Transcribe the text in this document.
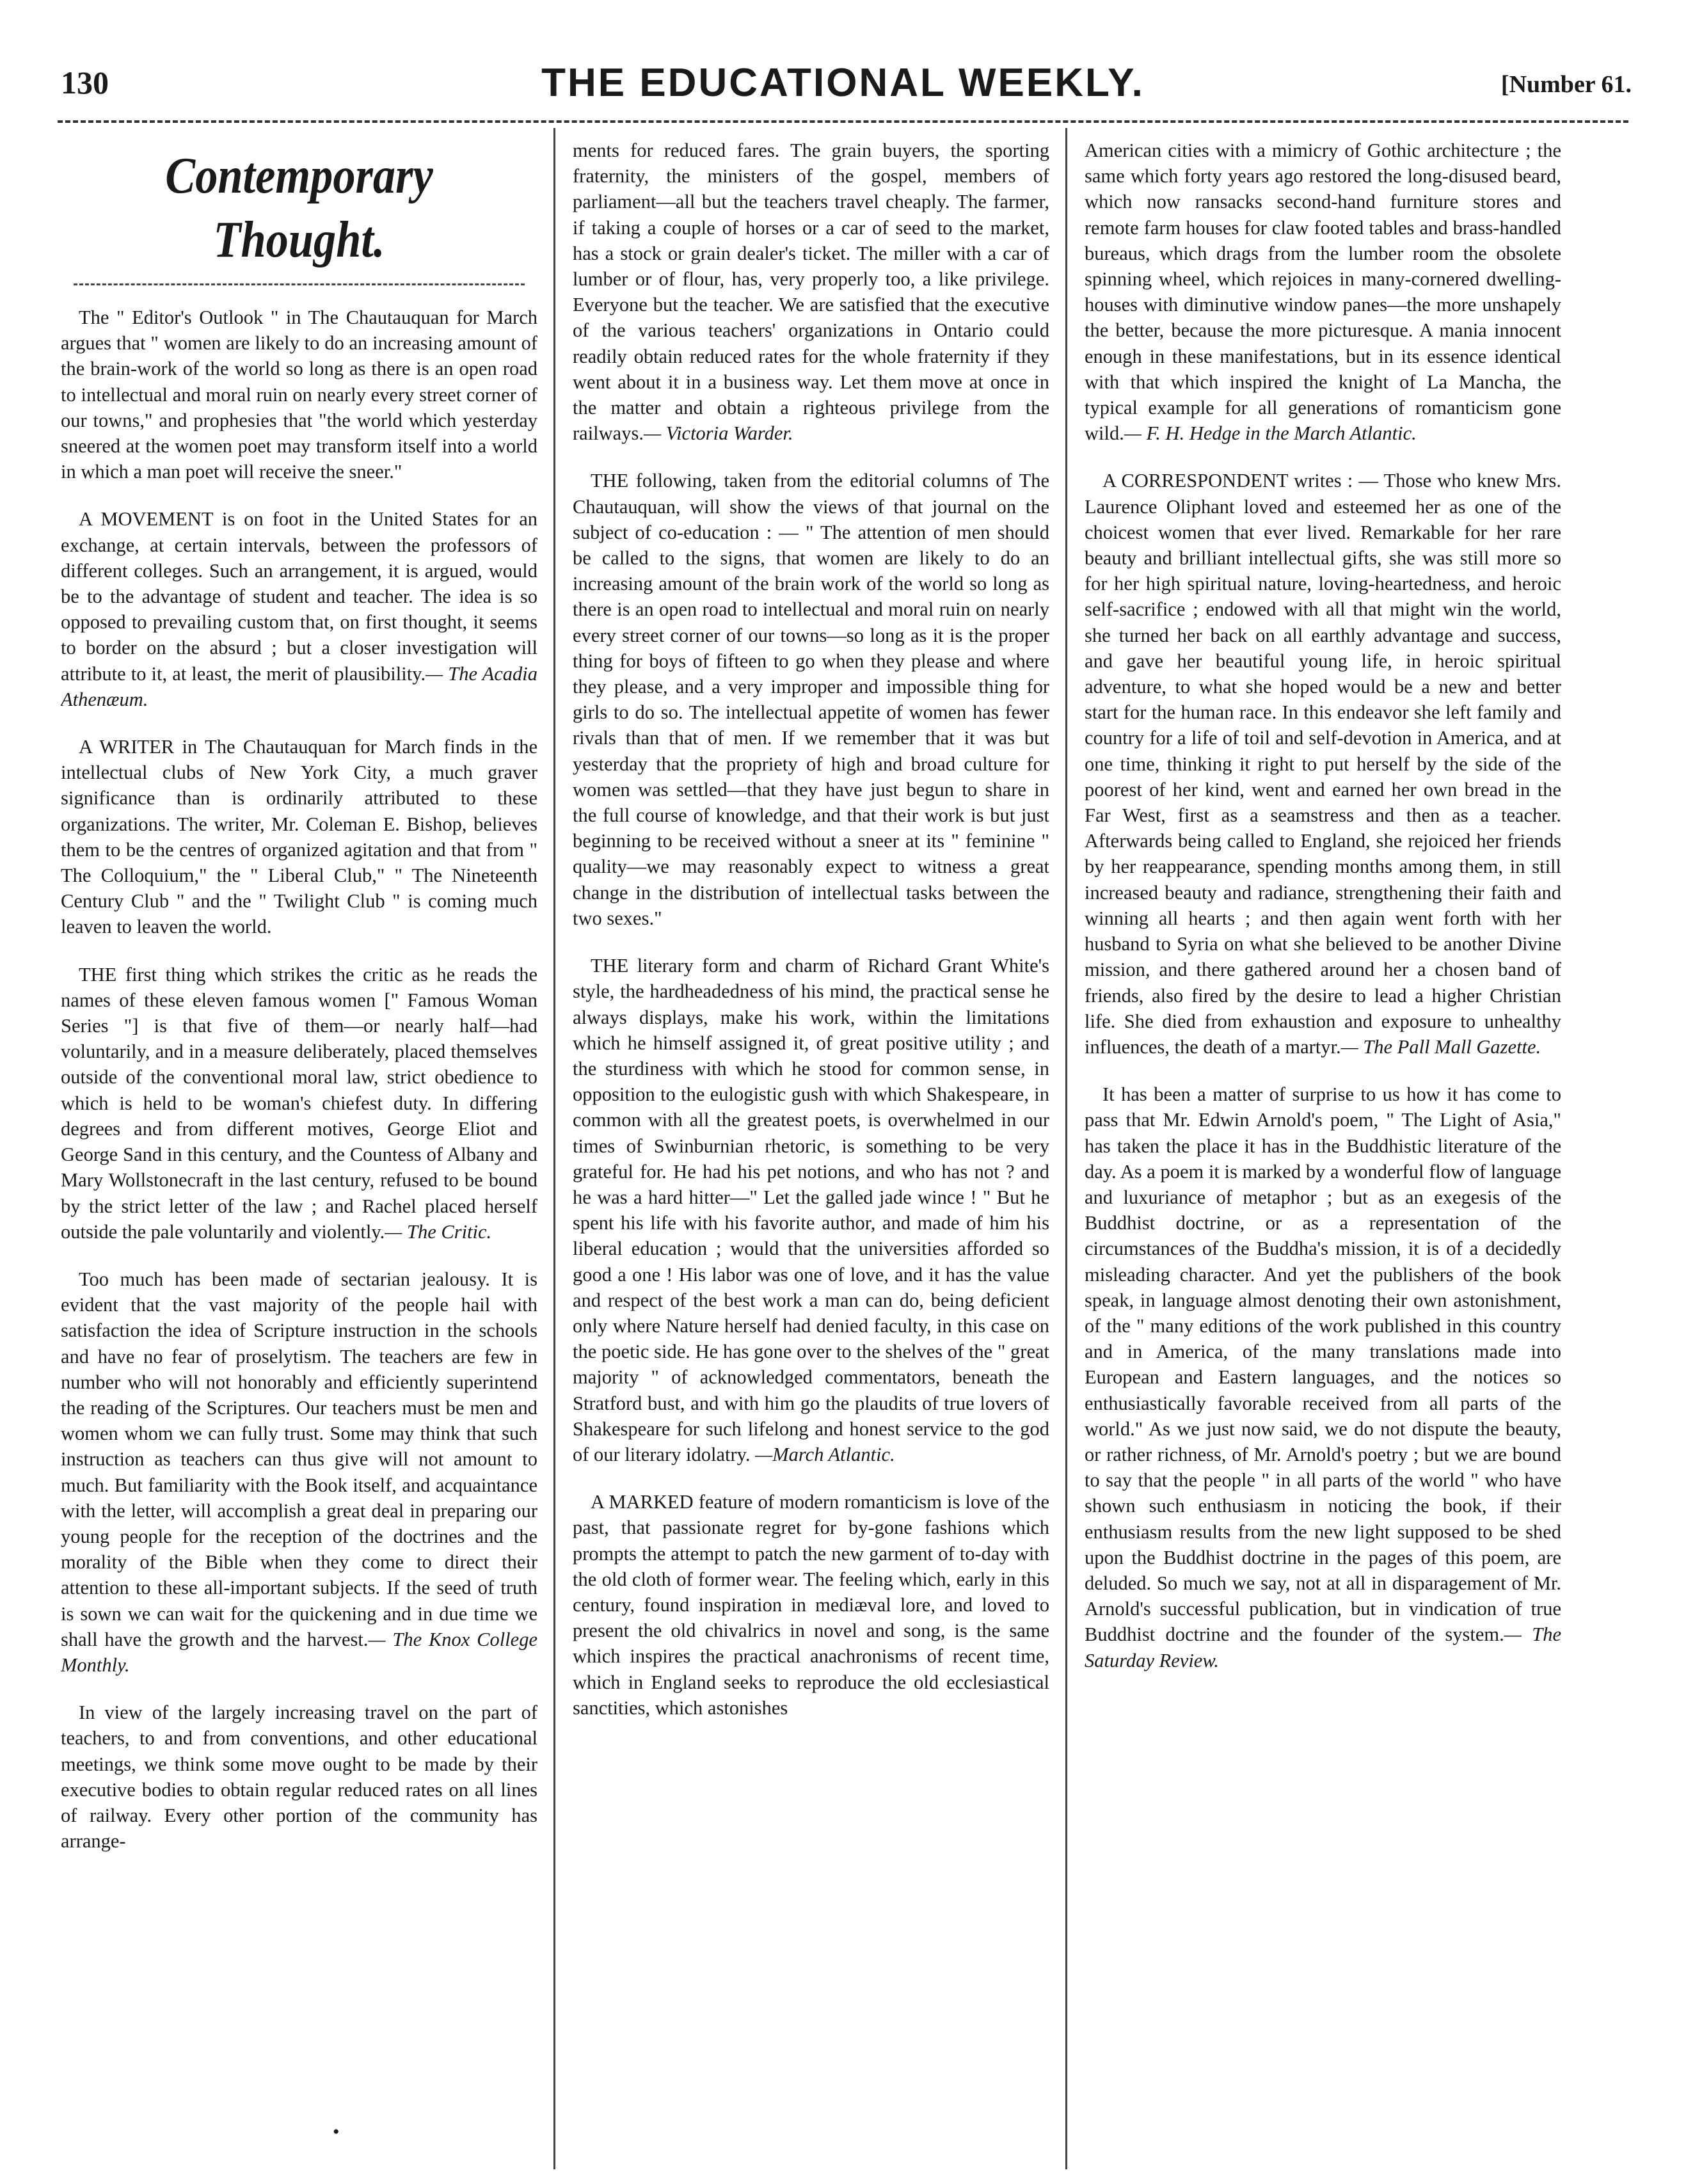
130	THE EDUCATIONAL WEEKLY.	[Number 61.
Contemporary Thought.

The " Editor's Outlook " in The Chautauquan for March argues that " women are likely to do an increasing amount of the brain-work of the world so long as there is an open road to intellectual and moral ruin on nearly every street corner of our towns," and prophesies that "the world which yesterday sneered at the women poet may transform itself into a world in which a man poet will receive the sneer."

A MOVEMENT is on foot in the United States for an exchange, at certain intervals, between the professors of different colleges. Such an arrangement, it is argued, would be to the advantage of student and teacher. The idea is so opposed to prevailing custom that, on first thought, it seems to border on the absurd ; but a closer investigation will attribute to it, at least, the merit of plausibility.— The Acadia Athenæum.

A WRITER in The Chautauquan for March finds in the intellectual clubs of New York City, a much graver significance than is ordinarily attributed to these organizations. The writer, Mr. Coleman E. Bishop, believes them to be the centres of organized agitation and that from " The Colloquium," the " Liberal Club," " The Nineteenth Century Club " and the " Twilight Club " is coming much leaven to leaven the world.

THE first thing which strikes the critic as he reads the names of these eleven famous women [" Famous Woman Series "] is that five of them—or nearly half—had voluntarily, and in a measure deliberately, placed themselves outside of the conventional moral law, strict obedience to which is held to be woman's chiefest duty. In differing degrees and from different motives, George Eliot and George Sand in this century, and the Countess of Albany and Mary Wollstonecraft in the last century, refused to be bound by the strict letter of the law ; and Rachel placed herself outside the pale voluntarily and violently.— The Critic.

Too much has been made of sectarian jealousy. It is evident that the vast majority of the people hail with satisfaction the idea of Scripture instruction in the schools and have no fear of proselytism. The teachers are few in number who will not honorably and efficiently superintend the reading of the Scriptures. Our teachers must be men and women whom we can fully trust. Some may think that such instruction as teachers can thus give will not amount to much. But familiarity with the Book itself, and acquaintance with the letter, will accomplish a great deal in preparing our young people for the reception of the doctrines and the morality of the Bible when they come to direct their attention to these all-important subjects. If the seed of truth is sown we can wait for the quickening and in due time we shall have the growth and the harvest.— The Knox College Monthly.

In view of the largely increasing travel on the part of teachers, to and from conventions, and other educational meetings, we think some move ought to be made by their executive bodies to obtain regular reduced rates on all lines of railway. Every other portion of the community has arrange-

ments for reduced fares. The grain buyers, the sporting fraternity, the ministers of the gospel, members of parliament—all but the teachers travel cheaply. The farmer, if taking a couple of horses or a car of seed to the market, has a stock or grain dealer's ticket. The miller with a car of lumber or of flour, has, very properly too, a like privilege. Everyone but the teacher. We are satisfied that the executive of the various teachers' organizations in Ontario could readily obtain reduced rates for the whole fraternity if they went about it in a business way. Let them move at once in the matter and obtain a righteous privilege from the railways.— Victoria Warder.

THE following, taken from the editorial columns of The Chautauquan, will show the views of that journal on the subject of co-education : — " The attention of men should be called to the signs, that women are likely to do an increasing amount of the brain work of the world so long as there is an open road to intellectual and moral ruin on nearly every street corner of our towns—so long as it is the proper thing for boys of fifteen to go when they please and where they please, and a very improper and impossible thing for girls to do so. The intellectual appetite of women has fewer rivals than that of men. If we remember that it was but yesterday that the propriety of high and broad culture for women was settled—that they have just begun to share in the full course of knowledge, and that their work is but just beginning to be received without a sneer at its " feminine " quality—we may reasonably expect to witness a great change in the distribution of intellectual tasks between the two sexes."

THE literary form and charm of Richard Grant White's style, the hardheadedness of his mind, the practical sense he always displays, make his work, within the limitations which he himself assigned it, of great positive utility ; and the sturdiness with which he stood for common sense, in opposition to the eulogistic gush with which Shakespeare, in common with all the greatest poets, is overwhelmed in our times of Swinburnian rhetoric, is something to be very grateful for. He had his pet notions, and who has not ? and he was a hard hitter—" Let the galled jade wince ! " But he spent his life with his favorite author, and made of him his liberal education ; would that the universities afforded so good a one ! His labor was one of love, and it has the value and respect of the best work a man can do, being deficient only where Nature herself had denied faculty, in this case on the poetic side. He has gone over to the shelves of the " great majority " of acknowledged commentators, beneath the Stratford bust, and with him go the plaudits of true lovers of Shakespeare for such lifelong and honest service to the god of our literary idolatry. —March Atlantic.

A MARKED feature of modern romanticism is love of the past, that passionate regret for by-gone fashions which prompts the attempt to patch the new garment of to-day with the old cloth of former wear. The feeling which, early in this century, found inspiration in mediæval lore, and loved to present the old chivalrics in novel and song, is the same which inspires the practical anachronisms of recent time, which in England seeks to reproduce the old ecclesiastical sanctities, which astonishes

American cities with a mimicry of Gothic architecture ; the same which forty years ago restored the long-disused beard, which now ransacks second-hand furniture stores and remote farm houses for claw footed tables and brass-handled bureaus, which drags from the lumber room the obsolete spinning wheel, which rejoices in many-cornered dwelling-houses with diminutive window panes—the more unshapely the better, because the more picturesque. A mania innocent enough in these manifestations, but in its essence identical with that which inspired the knight of La Mancha, the typical example for all generations of romanticism gone wild.— F. H. Hedge in the March Atlantic.

A CORRESPONDENT writes : — Those who knew Mrs. Laurence Oliphant loved and esteemed her as one of the choicest women that ever lived. Remarkable for her rare beauty and brilliant intellectual gifts, she was still more so for her high spiritual nature, loving-heartedness, and heroic self-sacrifice ; endowed with all that might win the world, she turned her back on all earthly advantage and success, and gave her beautiful young life, in heroic spiritual adventure, to what she hoped would be a new and better start for the human race. In this endeavor she left family and country for a life of toil and self-devotion in America, and at one time, thinking it right to put herself by the side of the poorest of her kind, went and earned her own bread in the Far West, first as a seamstress and then as a teacher. Afterwards being called to England, she rejoiced her friends by her reappearance, spending months among them, in still increased beauty and radiance, strengthening their faith and winning all hearts ; and then again went forth with her husband to Syria on what she believed to be another Divine mission, and there gathered around her a chosen band of friends, also fired by the desire to lead a higher Christian life. She died from exhaustion and exposure to unhealthy influences, the death of a martyr.— The Pall Mall Gazette.

It has been a matter of surprise to us how it has come to pass that Mr. Edwin Arnold's poem, " The Light of Asia," has taken the place it has in the Buddhistic literature of the day. As a poem it is marked by a wonderful flow of language and luxuriance of metaphor ; but as an exegesis of the Buddhist doctrine, or as a representation of the circumstances of the Buddha's mission, it is of a decidedly misleading character. And yet the publishers of the book speak, in language almost denoting their own astonishment, of the " many editions of the work published in this country and in America, of the many translations made into European and Eastern languages, and the notices so enthusiastically favorable received from all parts of the world." As we just now said, we do not dispute the beauty, or rather richness, of Mr. Arnold's poetry ; but we are bound to say that the people " in all parts of the world " who have shown such enthusiasm in noticing the book, if their enthusiasm results from the new light supposed to be shed upon the Buddhist doctrine in the pages of this poem, are deluded. So much we say, not at all in disparagement of Mr. Arnold's successful publication, but in vindication of true Buddhist doctrine and the founder of the system.— The Saturday Review.

•
